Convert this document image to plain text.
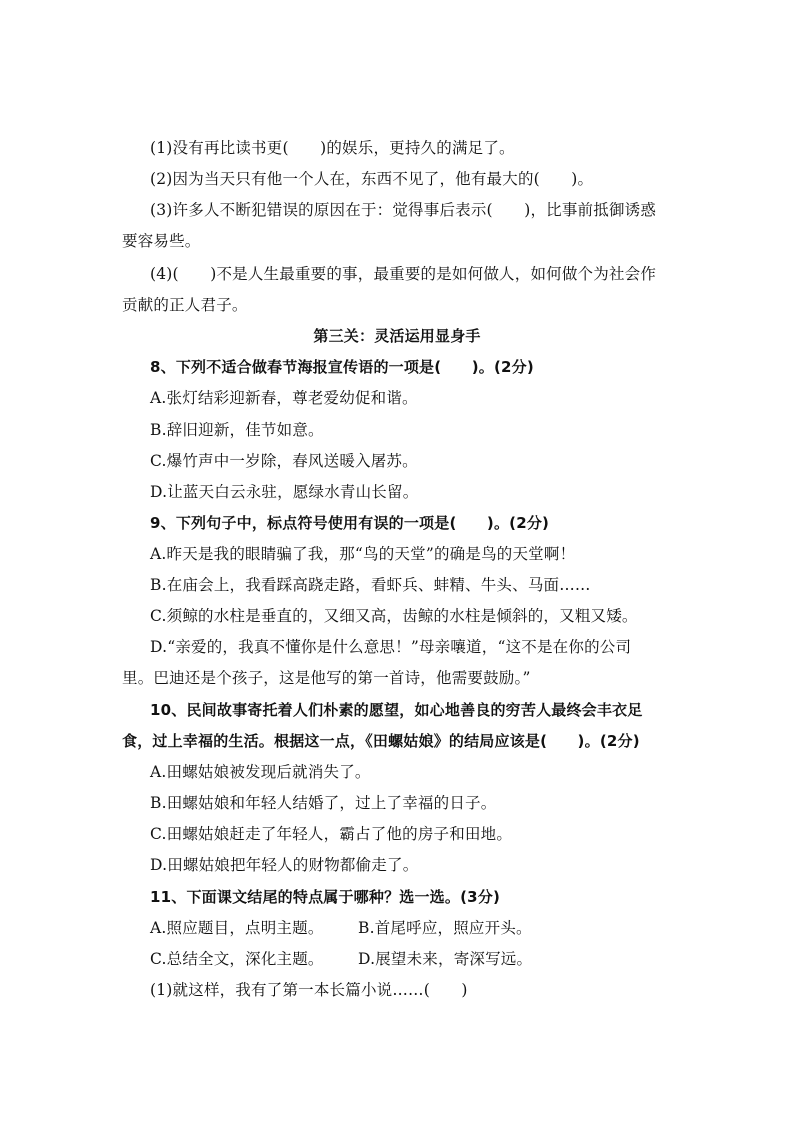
(1)没有再比读书更(　　)的娱乐，更持久的满足了。
(2)因为当天只有他一个人在，东西不见了，他有最大的(　　)。
(3)许多人不断犯错误的原因在于：觉得事后表示(　　)，比事前抵御诱惑
要容易些。
(4)(　　)不是人生最重要的事，最重要的是如何做人，如何做个为社会作
贡献的正人君子。
第三关：灵活运用显身手
8、下列不适合做春节海报宣传语的一项是(　　)。(2分)
A.张灯结彩迎新春，尊老爱幼促和谐。
B.辞旧迎新，佳节如意。
C.爆竹声中一岁除，春风送暖入屠苏。
D.让蓝天白云永驻，愿绿水青山长留。
9、下列句子中，标点符号使用有误的一项是(　　)。(2分)
A.昨天是我的眼睛骗了我，那“鸟的天堂”的确是鸟的天堂啊！
B.在庙会上，我看踩高跷走路，看虾兵、蚌精、牛头、马面……
C.须鲸的水柱是垂直的，又细又高，齿鲸的水柱是倾斜的，又粗又矮。
D.“亲爱的，我真不懂你是什么意思！”母亲嚷道，“这不是在你的公司
里。巴迪还是个孩子，这是他写的第一首诗，他需要鼓励。”
10、民间故事寄托着人们朴素的愿望，如心地善良的穷苦人最终会丰衣足
食，过上幸福的生活。根据这一点，《田螺姑娘》的结局应该是(　　)。(2分)
A.田螺姑娘被发现后就消失了。
B.田螺姑娘和年轻人结婚了，过上了幸福的日子。
C.田螺姑娘赶走了年轻人，霸占了他的房子和田地。
D.田螺姑娘把年轻人的财物都偷走了。
11、下面课文结尾的特点属于哪种？选一选。(3分)
A.照应题目，点明主题。 B.首尾呼应，照应开头。
C.总结全文，深化主题。 D.展望未来，寄深写远。
(1)就这样，我有了第一本长篇小说……(　　)
